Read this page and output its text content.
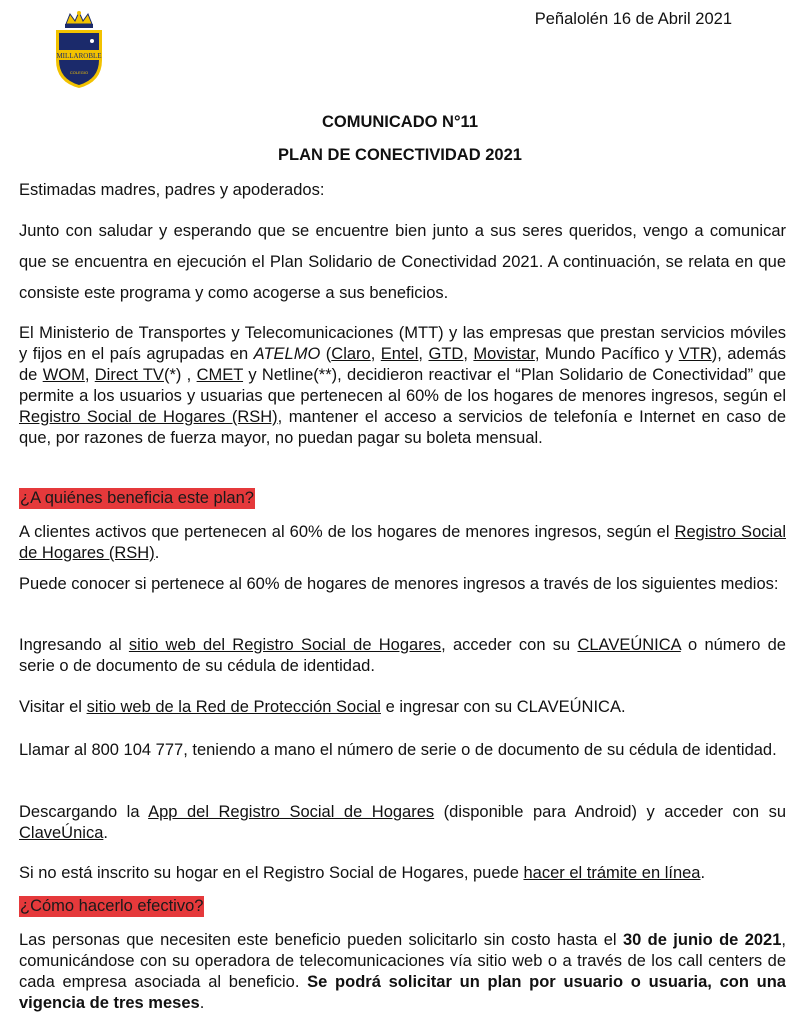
MILLAROBLE
COLEGIO
Peñalolén 16 de Abril 2021
COMUNICADO N°11
PLAN DE CONECTIVIDAD 2021

Estimadas madres, padres y apoderados:

Junto con saludar y esperando que se encuentre bien junto a sus seres queridos, vengo a comunicar que se encuentra en ejecución el Plan Solidario de Conectividad 2021. A continuación, se relata en que consiste este programa y como acogerse a sus beneficios.

El Ministerio de Transportes y Telecomunicaciones (MTT) y las empresas que prestan servicios móviles y fijos en el país agrupadas en ATELMO (Claro, Entel, GTD, Movistar, Mundo Pacífico y VTR), además de WOM, Direct TV(*) , CMET y Netline(**), decidieron reactivar el “Plan Solidario de Conectividad” que permite a los usuarios y usuarias que pertenecen al 60% de los hogares de menores ingresos, según el Registro Social de Hogares (RSH), mantener el acceso a servicios de telefonía e Internet en caso de que, por razones de fuerza mayor, no puedan pagar su boleta mensual.

¿A quiénes beneficia este plan?

A clientes activos que pertenecen al 60% de los hogares de menores ingresos, según el Registro Social de Hogares (RSH).

Puede conocer si pertenece al 60% de hogares de menores ingresos a través de los siguientes medios:

Ingresando al sitio web del Registro Social de Hogares, acceder con su CLAVEÚNICA o número de serie o de documento de su cédula de identidad.

Visitar el sitio web de la Red de Protección Social e ingresar con su CLAVEÚNICA.

Llamar al 800 104 777, teniendo a mano el número de serie o de documento de su cédula de identidad.

Descargando la App del Registro Social de Hogares (disponible para Android) y acceder con su ClaveÚnica.

Si no está inscrito su hogar en el Registro Social de Hogares, puede hacer el trámite en línea.

¿Cómo hacerlo efectivo?

Las personas que necesiten este beneficio pueden solicitarlo sin costo hasta el 30 de junio de 2021, comunicándose con su operadora de telecomunicaciones vía sitio web o a través de los call centers de cada empresa asociada al beneficio. Se podrá solicitar un plan por usuario o usuaria, con una vigencia de tres meses.
